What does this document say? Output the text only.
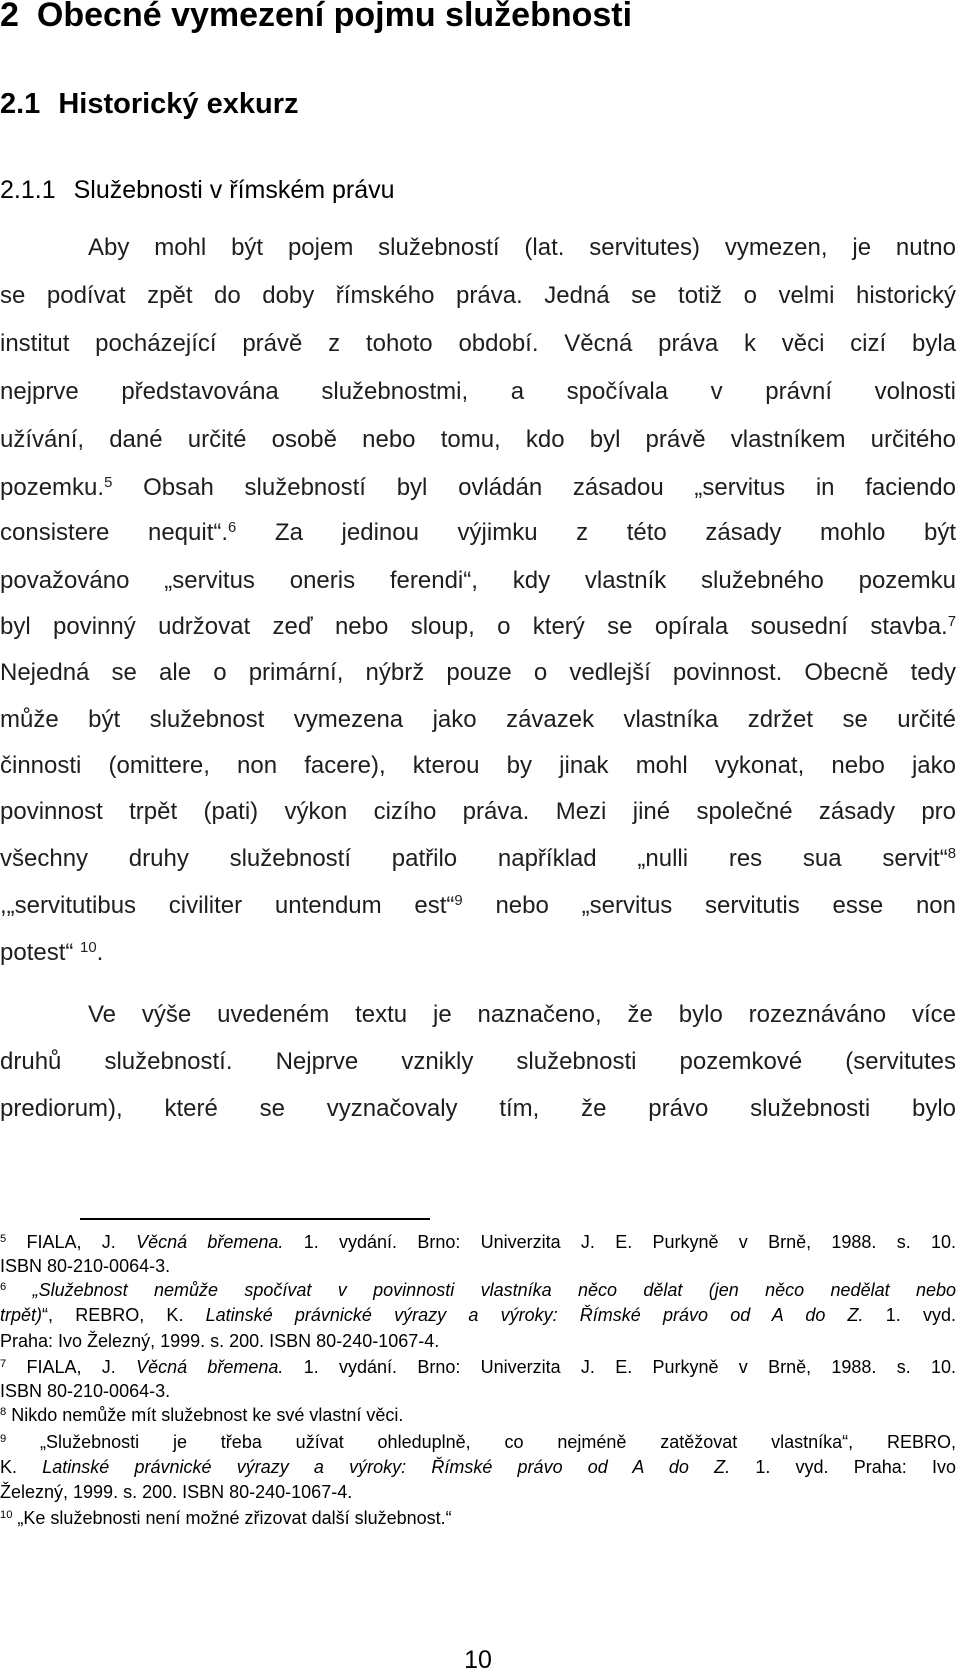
2 Obecné vymezení pojmu služebnosti
2.1 Historický exkurz
2.1.1 Služebnosti v římském právu
Aby mohl být pojem služebností (lat. servitutes) vymezen, je nutno
se podívat zpět do doby římského práva. Jedná se totiž o velmi historický
institut pocházející právě z tohoto období. Věcná práva k věci cizí byla
nejprve představována služebnostmi, a spočívala v právní volnosti
užívání, dané určité osobě nebo tomu, kdo byl právě vlastníkem určitého
pozemku.$^5$ Obsah služebností byl ovládán zásadou „servitus in faciendo
consistere nequit“.$^6$ Za jedinou výjimku z této zásady mohlo být
považováno „servitus oneris ferendi“, kdy vlastník služebného pozemku
byl povinný udržovat zeď nebo sloup, o který se opírala sousední stavba.$^7$
Nejedná se ale o primární, nýbrž pouze o vedlejší povinnost. Obecně tedy
může být služebnost vymezena jako závazek vlastníka zdržet se určité
činnosti (omittere, non facere), kterou by jinak mohl vykonat, nebo jako
povinnost trpět (pati) výkon cizího práva. Mezi jiné společné zásady pro
všechny druhy služebností patřilo například „nulli res sua servit“$^8$
,„servitutibus civiliter untendum est“$^9$ nebo „servitus servitutis esse non
potest“ $^{10}$.
Ve výše uvedeném textu je naznačeno, že bylo rozeznáváno více
druhů služebností. Nejprve vznikly služebnosti pozemkové (servitutes
prediorum), které se vyznačovaly tím, že právo služebnosti bylo
$^5$ FIALA, J. Věcná břemena. 1. vydání. Brno: Univerzita J. E. Purkyně v Brně, 1988. s. 10.
ISBN 80-210-0064-3.
$^6$ „Služebnost nemůže spočívat v povinnosti vlastníka něco dělat (jen něco nedělat nebo
trpět)“, REBRO, K. Latinské právnické výrazy a výroky: Římské právo od A do Z. 1. vyd.
Praha: Ivo Železný, 1999. s. 200. ISBN 80-240-1067-4.
$^7$ FIALA, J. Věcná břemena. 1. vydání. Brno: Univerzita J. E. Purkyně v Brně, 1988. s. 10.
ISBN 80-210-0064-3.
$^8$ Nikdo nemůže mít služebnost ke své vlastní věci.
$^9$ „Služebnosti je třeba užívat ohleduplně, co nejméně zatěžovat vlastníka“, REBRO,
K. Latinské právnické výrazy a výroky: Římské právo od A do Z. 1. vyd. Praha: Ivo
Železný, 1999. s. 200. ISBN 80-240-1067-4.
$^{10}$ „Ke služebnosti není možné zřizovat další služebnost.“
10
